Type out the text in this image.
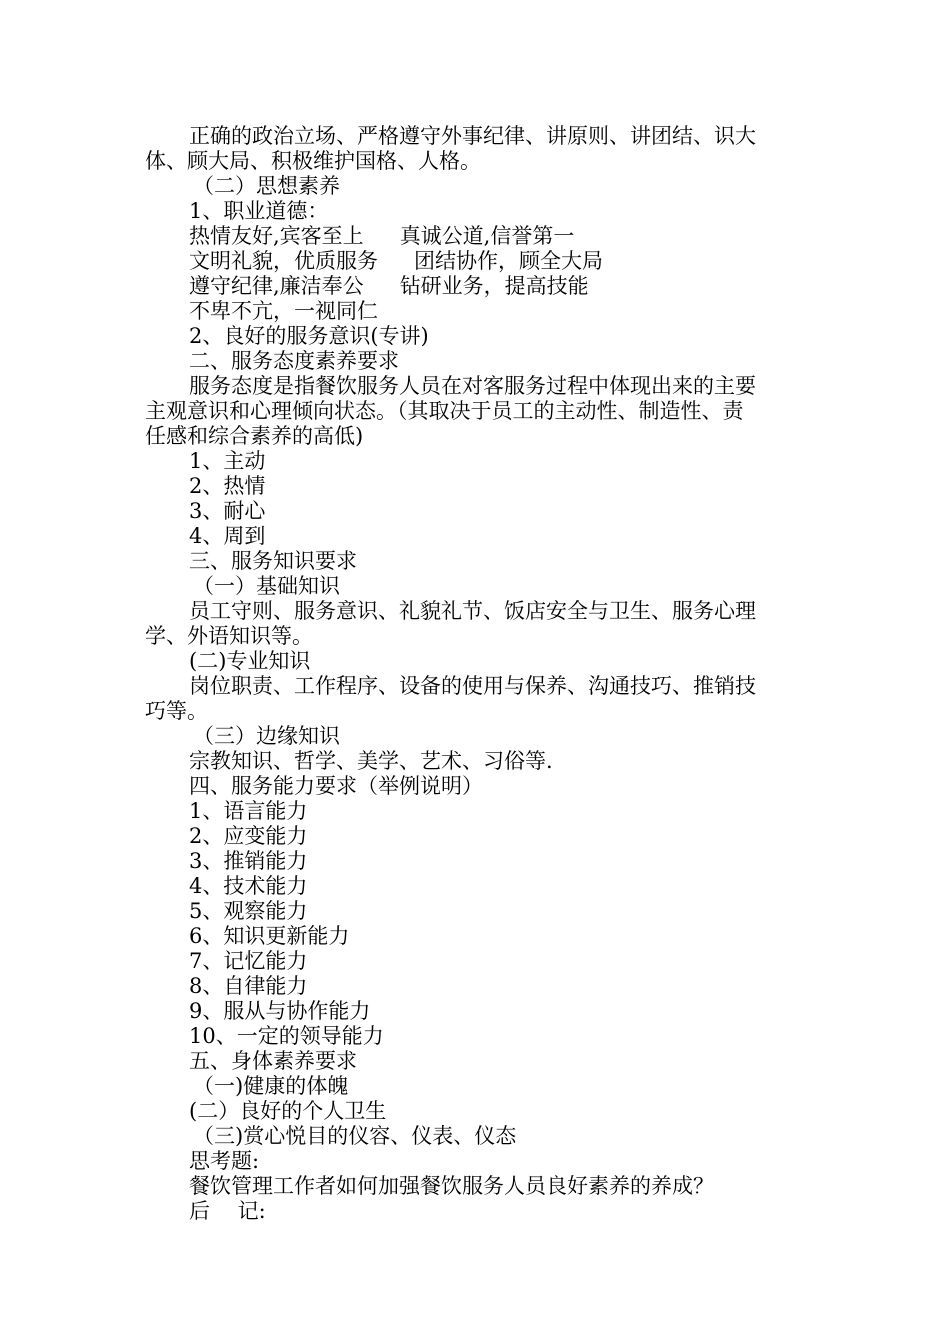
正确的政治立场、严格遵守外事纪律、讲原则、讲团结、识大
体、顾大局、积极维护国格、人格。
（二）思想素养
1、职业道德：
热情友好,宾客至上 真诚公道,信誉第一
文明礼貌，优质服务 团结协作，顾全大局
遵守纪律,廉洁奉公 钻研业务，提高技能
不卑不亢，一视同仁
2、良好的服务意识(专讲)
二、服务态度素养要求
服务态度是指餐饮服务人员在对客服务过程中体现出来的主要
主观意识和心理倾向状态。（其取决于员工的主动性、制造性、责
任感和综合素养的高低)
1、主动
2、热情
3、耐心
4、周到
三、服务知识要求
（一）基础知识
员工守则、服务意识、礼貌礼节、饭店安全与卫生、服务心理
学、外语知识等。
(二)专业知识
岗位职责、工作程序、设备的使用与保养、沟通技巧、推销技
巧等。
（三）边缘知识
宗教知识、哲学、美学、艺术、习俗等.
四、服务能力要求（举例说明）
1、语言能力
2、应变能力
3、推销能力
4、技术能力
5、观察能力
6、知识更新能力
7、记忆能力
8、自律能力
9、服从与协作能力
10、一定的领导能力
五、身体素养要求
（一)健康的体魄
(二）良好的个人卫生
（三)赏心悦目的仪容、仪表、仪态
思考题:
餐饮管理工作者如何加强餐饮服务人员良好素养的养成？
后　 记:
